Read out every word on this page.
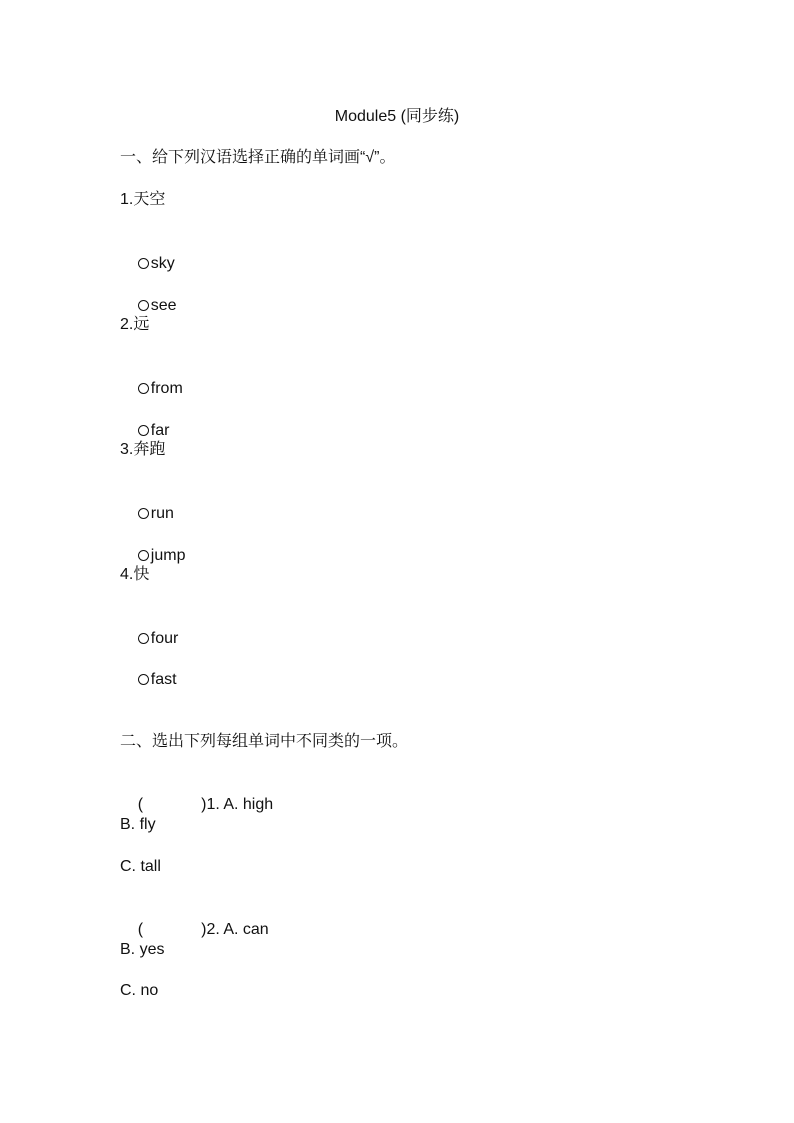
Module5 (同步练)
一、给下列汉语选择正确的单词画“√”。
1.天空

sky

see

2.远

from

far

3.奔跑

run

jump

4.快

four

fast

二、选出下列每组单词中不同类的一项。

(	)1. A. high

B. fly
C. tall

(	)2. A. can

B. yes
C. no
